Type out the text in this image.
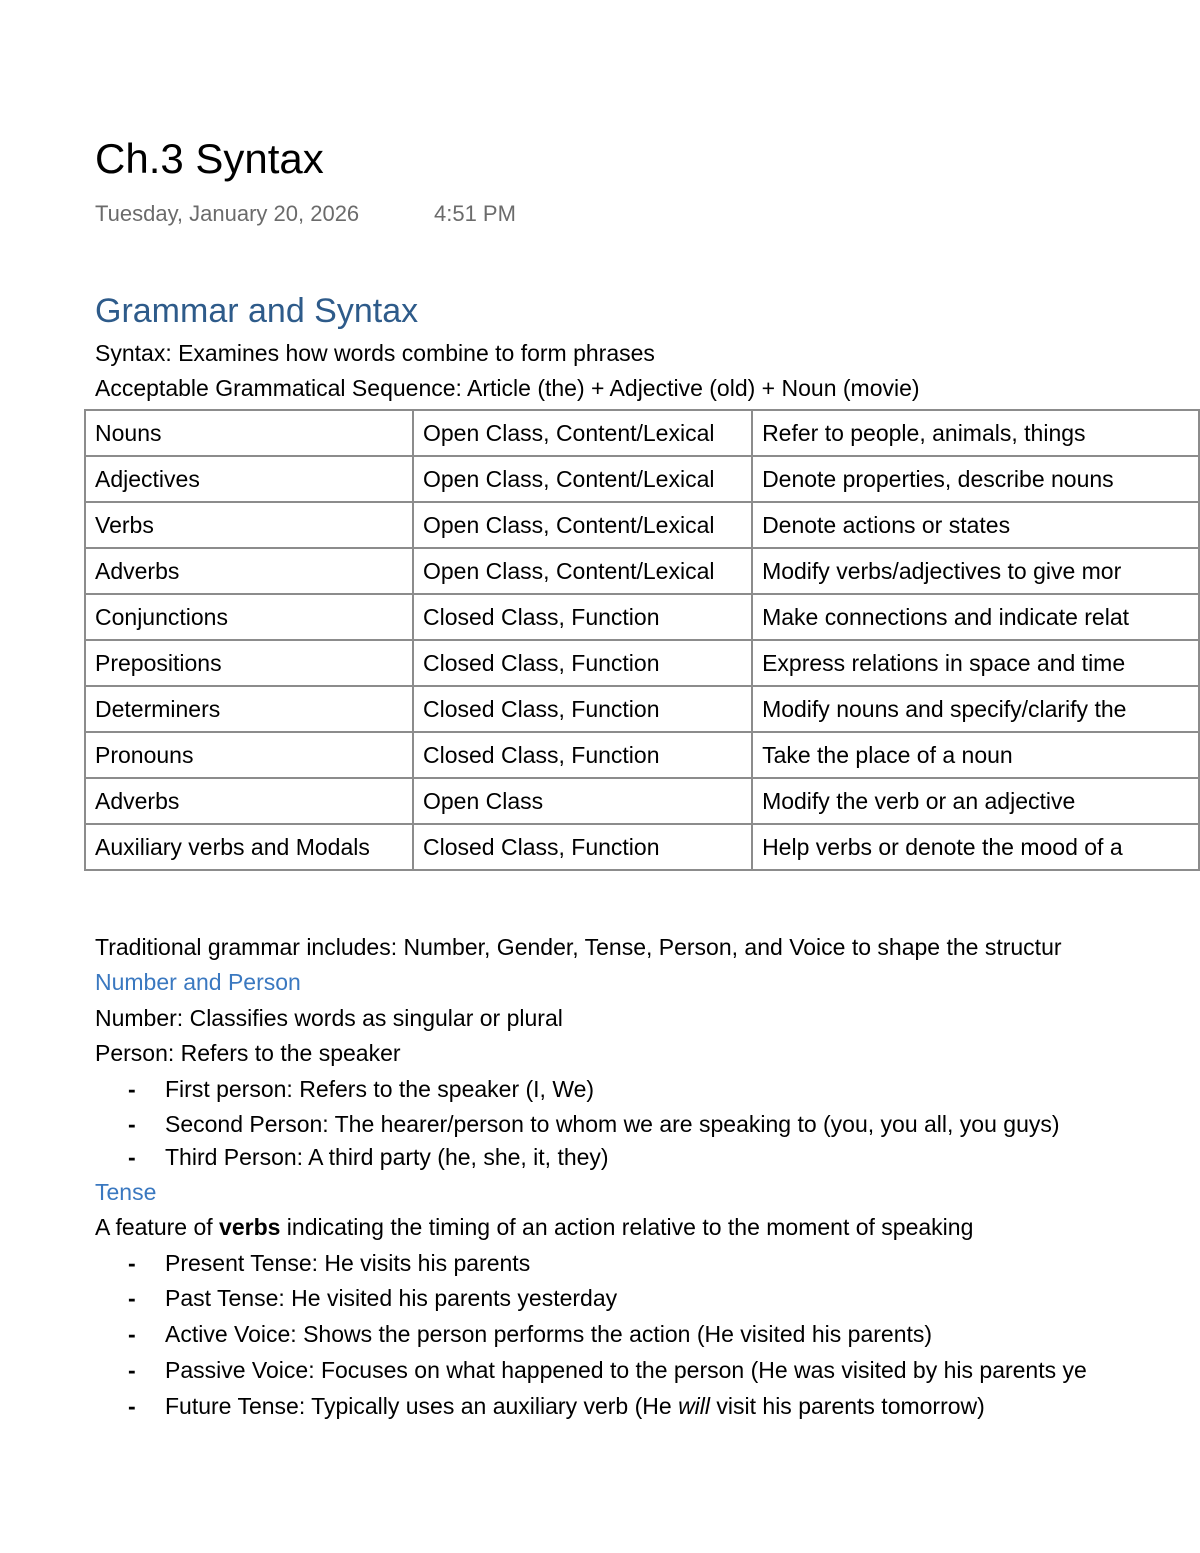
Ch.3 Syntax
Tuesday, January 20, 2026	4:51 PM
Grammar and Syntax
Syntax: Examines how words combine to form phrases
Acceptable Grammatical Sequence: Article (the) + Adjective (old) + Noun (movie)
Nouns	Open Class, Content/Lexical	Refer to people, animals, things
Adjectives	Open Class, Content/Lexical	Denote properties, describe nouns
Verbs	Open Class, Content/Lexical	Denote actions or states
Adverbs	Open Class, Content/Lexical	Modify verbs/adjectives to give mor
Conjunctions	Closed Class, Function	Make connections and indicate relat
Prepositions	Closed Class, Function	Express relations in space and time
Determiners	Closed Class, Function	Modify nouns and specify/clarify the
Pronouns	Closed Class, Function	Take the place of a noun
Adverbs	Open Class	Modify the verb or an adjective
Auxiliary verbs and Modals	Closed Class, Function	Help verbs or denote the mood of a
Traditional grammar includes: Number, Gender, Tense, Person, and Voice to shape the structur
Number and Person
Number: Classifies words as singular or plural
Person: Refers to the speaker
-	First person: Refers to the speaker (I, We)
-	Second Person: The hearer/person to whom we are speaking to (you, you all, you guys)
-	Third Person: A third party (he, she, it, they)
Tense
A feature of verbs indicating the timing of an action relative to the moment of speaking
-	Present Tense: He visits his parents
-	Past Tense: He visited his parents yesterday
-	Active Voice: Shows the person performs the action (He visited his parents)
-	Passive Voice: Focuses on what happened to the person (He was visited by his parents ye
-	Future Tense: Typically uses an auxiliary verb (He will visit his parents tomorrow)
